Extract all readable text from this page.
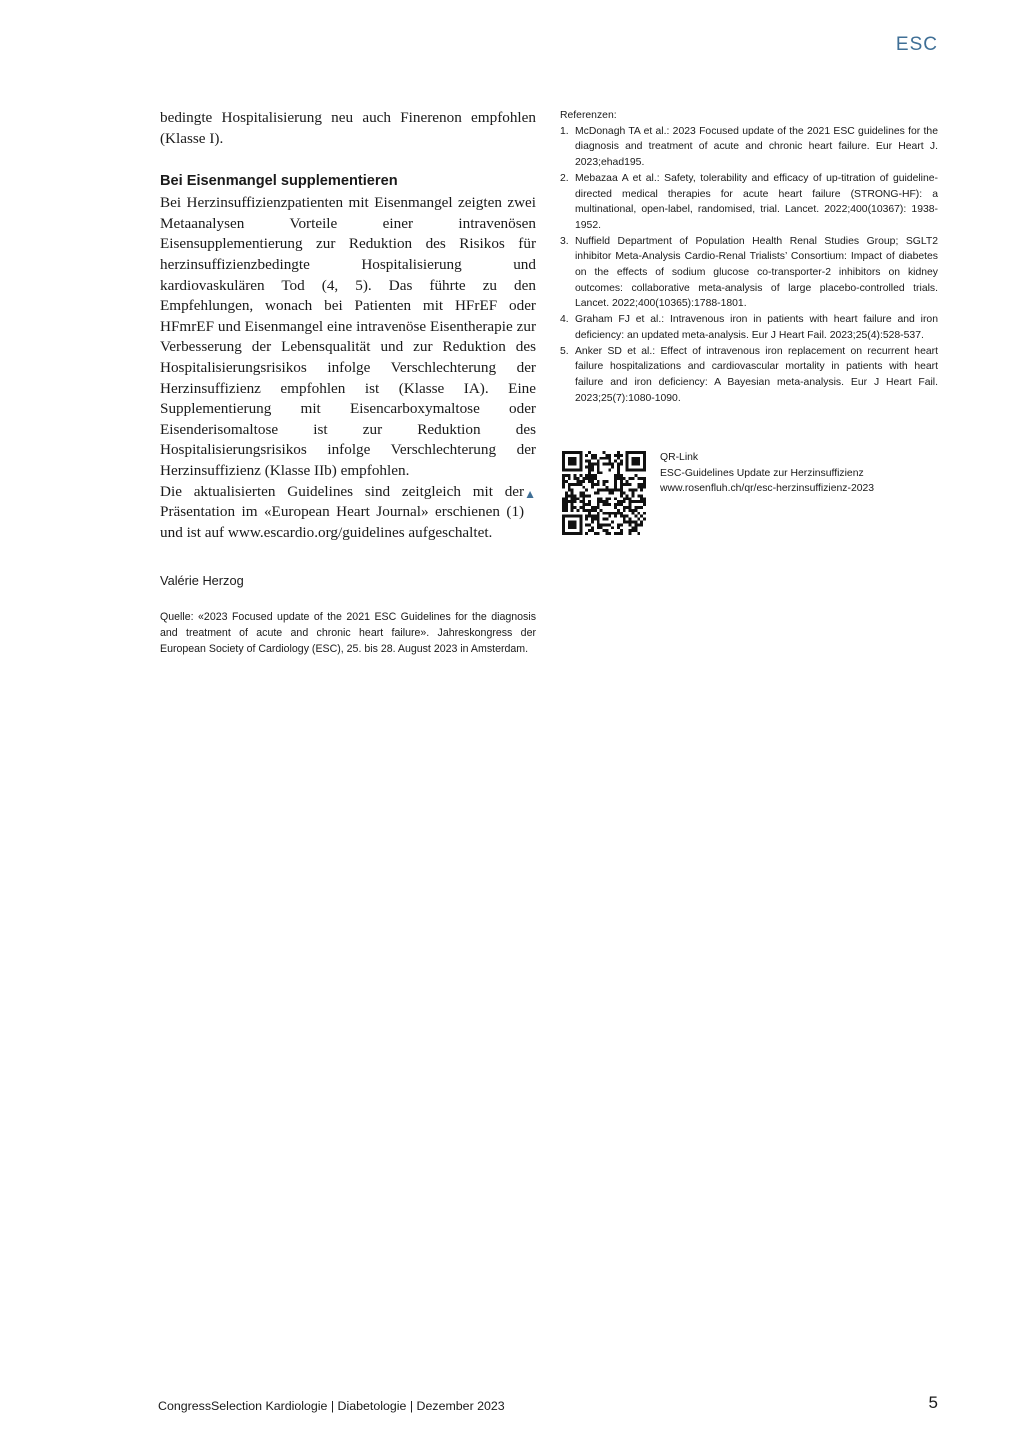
ESC

bedingte Hospitalisierung neu auch Finerenon empfohlen (Klasse I).

Bei Eisenmangel supplementieren

Bei Herzinsuffizienzpatienten mit Eisenmangel zeigten zwei Metaanalysen Vorteile einer intravenösen Eisensupplementierung zur Reduktion des Risikos für herzinsuffizienzbedingte Hospitalisierung und kardiovaskulären Tod (4, 5). Das führte zu den Empfehlungen, wonach bei Patienten mit HFrEF oder HFmrEF und Eisenmangel eine intravenöse Eisentherapie zur Verbesserung der Lebensqualität und zur Reduktion des Hospitalisierungsrisikos infolge Verschlechterung der Herzinsuffizienz empfohlen ist (Klasse IA). Eine Supplementierung mit Eisencarboxymaltose oder Eisenderisomaltose ist zur Reduktion des Hospitalisierungsrisikos infolge Verschlechterung der Herzinsuffizienz (Klasse IIb) empfohlen.

▲
Die aktualisierten Guidelines sind zeitgleich mit der Präsentation im «European Heart Journal» erschienen (1) und ist auf www.escardio.org/guidelines aufgeschaltet.

Valérie Herzog

Quelle: «2023 Focused update of the 2021 ESC Guidelines for the diagnosis and treatment of acute and chronic heart failure». Jahreskongress der European Society of Cardiology (ESC), 25. bis 28. August 2023 in Amsterdam.

Referenzen:

1. McDonagh TA et al.: 2023 Focused update of the 2021 ESC guidelines for the diagnosis and treatment of acute and chronic heart failure. Eur Heart J. 2023;ehad195.
2. Mebazaa A et al.: Safety, tolerability and efficacy of up-titration of guideline-directed medical therapies for acute heart failure (STRONG-HF): a multinational, open-label, randomised, trial. Lancet. 2022;400(10367): 1938-1952.
3. Nuffield Department of Population Health Renal Studies Group; SGLT2 inhibitor Meta-Analysis Cardio-Renal Trialists’ Consortium: Impact of diabetes on the effects of sodium glucose co-transporter-2 inhibitors on kidney outcomes: collaborative meta-analysis of large placebo-controlled trials. Lancet. 2022;400(10365):1788-1801.
4. Graham FJ et al.: Intravenous iron in patients with heart failure and iron deficiency: an updated meta-analysis. Eur J Heart Fail. 2023;25(4):528-537.
5. Anker SD et al.: Effect of intravenous iron replacement on recurrent heart failure hospitalizations and cardiovascular mortality in patients with heart failure and iron deficiency: A Bayesian meta-analysis. Eur J Heart Fail. 2023;25(7):1080-1090.
QR-Link
ESC-Guidelines Update zur Herzinsuffizienz
www.rosenfluh.ch/qr/esc-herzinsuffizienz-2023
CongressSelection Kardiologie | Diabetologie | Dezember 2023	5
